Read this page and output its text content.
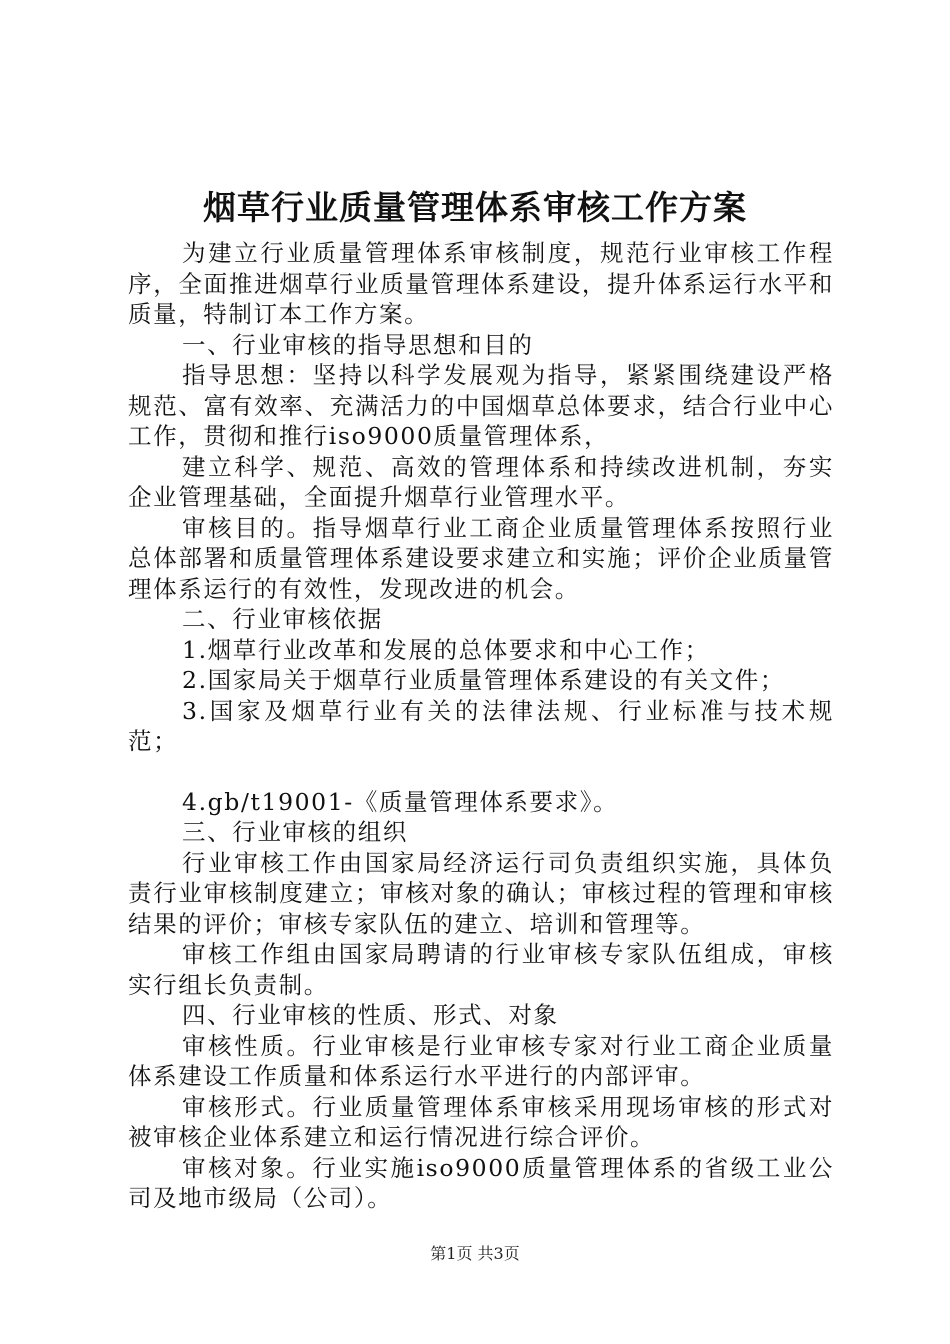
烟草行业质量管理体系审核工作方案

为建立行业质量管理体系审核制度，规范行业审核工作程序，全面推进烟草行业质量管理体系建设，提升体系运行水平和质量，特制订本工作方案。

一、行业审核的指导思想和目的

指导思想：坚持以科学发展观为指导，紧紧围绕建设严格规范、富有效率、充满活力的中国烟草总体要求，结合行业中心工作，贯彻和推行iso9000质量管理体系，

建立科学、规范、高效的管理体系和持续改进机制，夯实企业管理基础，全面提升烟草行业管理水平。

审核目的。指导烟草行业工商企业质量管理体系按照行业总体部署和质量管理体系建设要求建立和实施；评价企业质量管理体系运行的有效性，发现改进的机会。

二、行业审核依据

1.烟草行业改革和发展的总体要求和中心工作；

2.国家局关于烟草行业质量管理体系建设的有关文件；

3.国家及烟草行业有关的法律法规、行业标准与技术规范；

4.gb/t19001-《质量管理体系要求》。

三、行业审核的组织

行业审核工作由国家局经济运行司负责组织实施，具体负责行业审核制度建立；审核对象的确认；审核过程的管理和审核结果的评价；审核专家队伍的建立、培训和管理等。

审核工作组由国家局聘请的行业审核专家队伍组成，审核实行组长负责制。

四、行业审核的性质、形式、对象

审核性质。行业审核是行业审核专家对行业工商企业质量体系建设工作质量和体系运行水平进行的内部评审。

审核形式。行业质量管理体系审核采用现场审核的形式对被审核企业体系建立和运行情况进行综合评价。

审核对象。行业实施iso9000质量管理体系的省级工业公司及地市级局（公司）。

第1页 共3页
